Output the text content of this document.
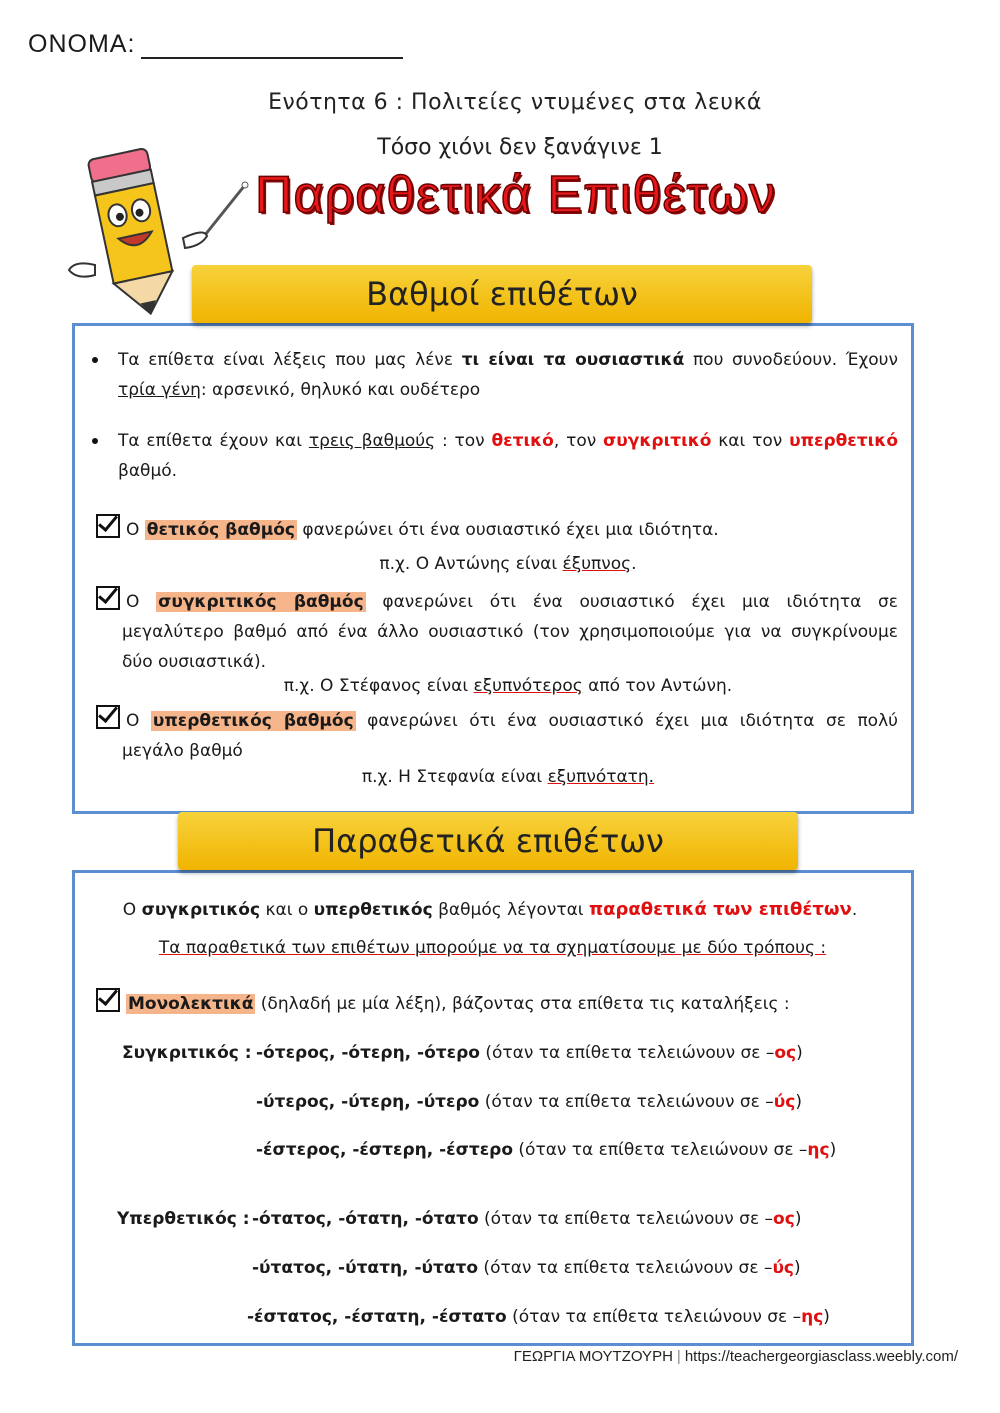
ΟΝΟΜΑ:
Ενότητα 6 : Πολιτείες ντυμένες στα λευκά
Τόσο χιόνι δεν ξανάγινε 1
Παραθετικά Επιθέτων
Βαθμοί επιθέτων
Τα επίθετα είναι λέξεις που μας λένε τι είναι τα ουσιαστικά που συνοδεύουν. Έχουν
τρία γένη: αρσενικό, θηλυκό και ουδέτερο
Τα επίθετα έχουν και τρεις βαθμούς : τον θετικό, τον συγκριτικό και τον υπερθετικό
βαθμό.
Ο θετικός βαθμός φανερώνει ότι ένα ουσιαστικό έχει μια ιδιότητα.
π.χ. Ο Αντώνης είναι έξυπνος.
Ο συγκριτικός βαθμός φανερώνει ότι ένα ουσιαστικό έχει μια ιδιότητα σε
μεγαλύτερο βαθμό από ένα άλλο ουσιαστικό (τον χρησιμοποιούμε για να συγκρίνουμε
δύο ουσιαστικά).
π.χ. Ο Στέφανος είναι εξυπνότερος από τον Αντώνη.
Ο υπερθετικός βαθμός φανερώνει ότι ένα ουσιαστικό έχει μια ιδιότητα σε πολύ
μεγάλο βαθμό
π.χ. Η Στεφανία είναι εξυπνότατη.
Παραθετικά επιθέτων
Ο συγκριτικός και ο υπερθετικός βαθμός λέγονται παραθετικά των επιθέτων.
Τα παραθετικά των επιθέτων μπορούμε να τα σχηματίσουμε με δύο τρόπους :
Μονολεκτικά (δηλαδή με μία λέξη), βάζοντας στα επίθετα τις καταλήξεις :
Συγκριτικός : -ότερος, -ότερη, -ότερο (όταν τα επίθετα τελειώνουν σε –ος)
-ύτερος, -ύτερη, -ύτερο (όταν τα επίθετα τελειώνουν σε –ύς)
-έστερος, -έστερη, -έστερο (όταν τα επίθετα τελειώνουν σε –ης)
Υπερθετικός : -ότατος, -ότατη, -ότατο (όταν τα επίθετα τελειώνουν σε –ος)
-ύτατος, -ύτατη, -ύτατο (όταν τα επίθετα τελειώνουν σε –ύς)
-έστατος, -έστατη, -έστατο (όταν τα επίθετα τελειώνουν σε –ης)
ΓΕΩΡΓΙΑ ΜΟΥΤΖΟΥΡΗ | https://teachergeorgiasclass.weebly.com/
